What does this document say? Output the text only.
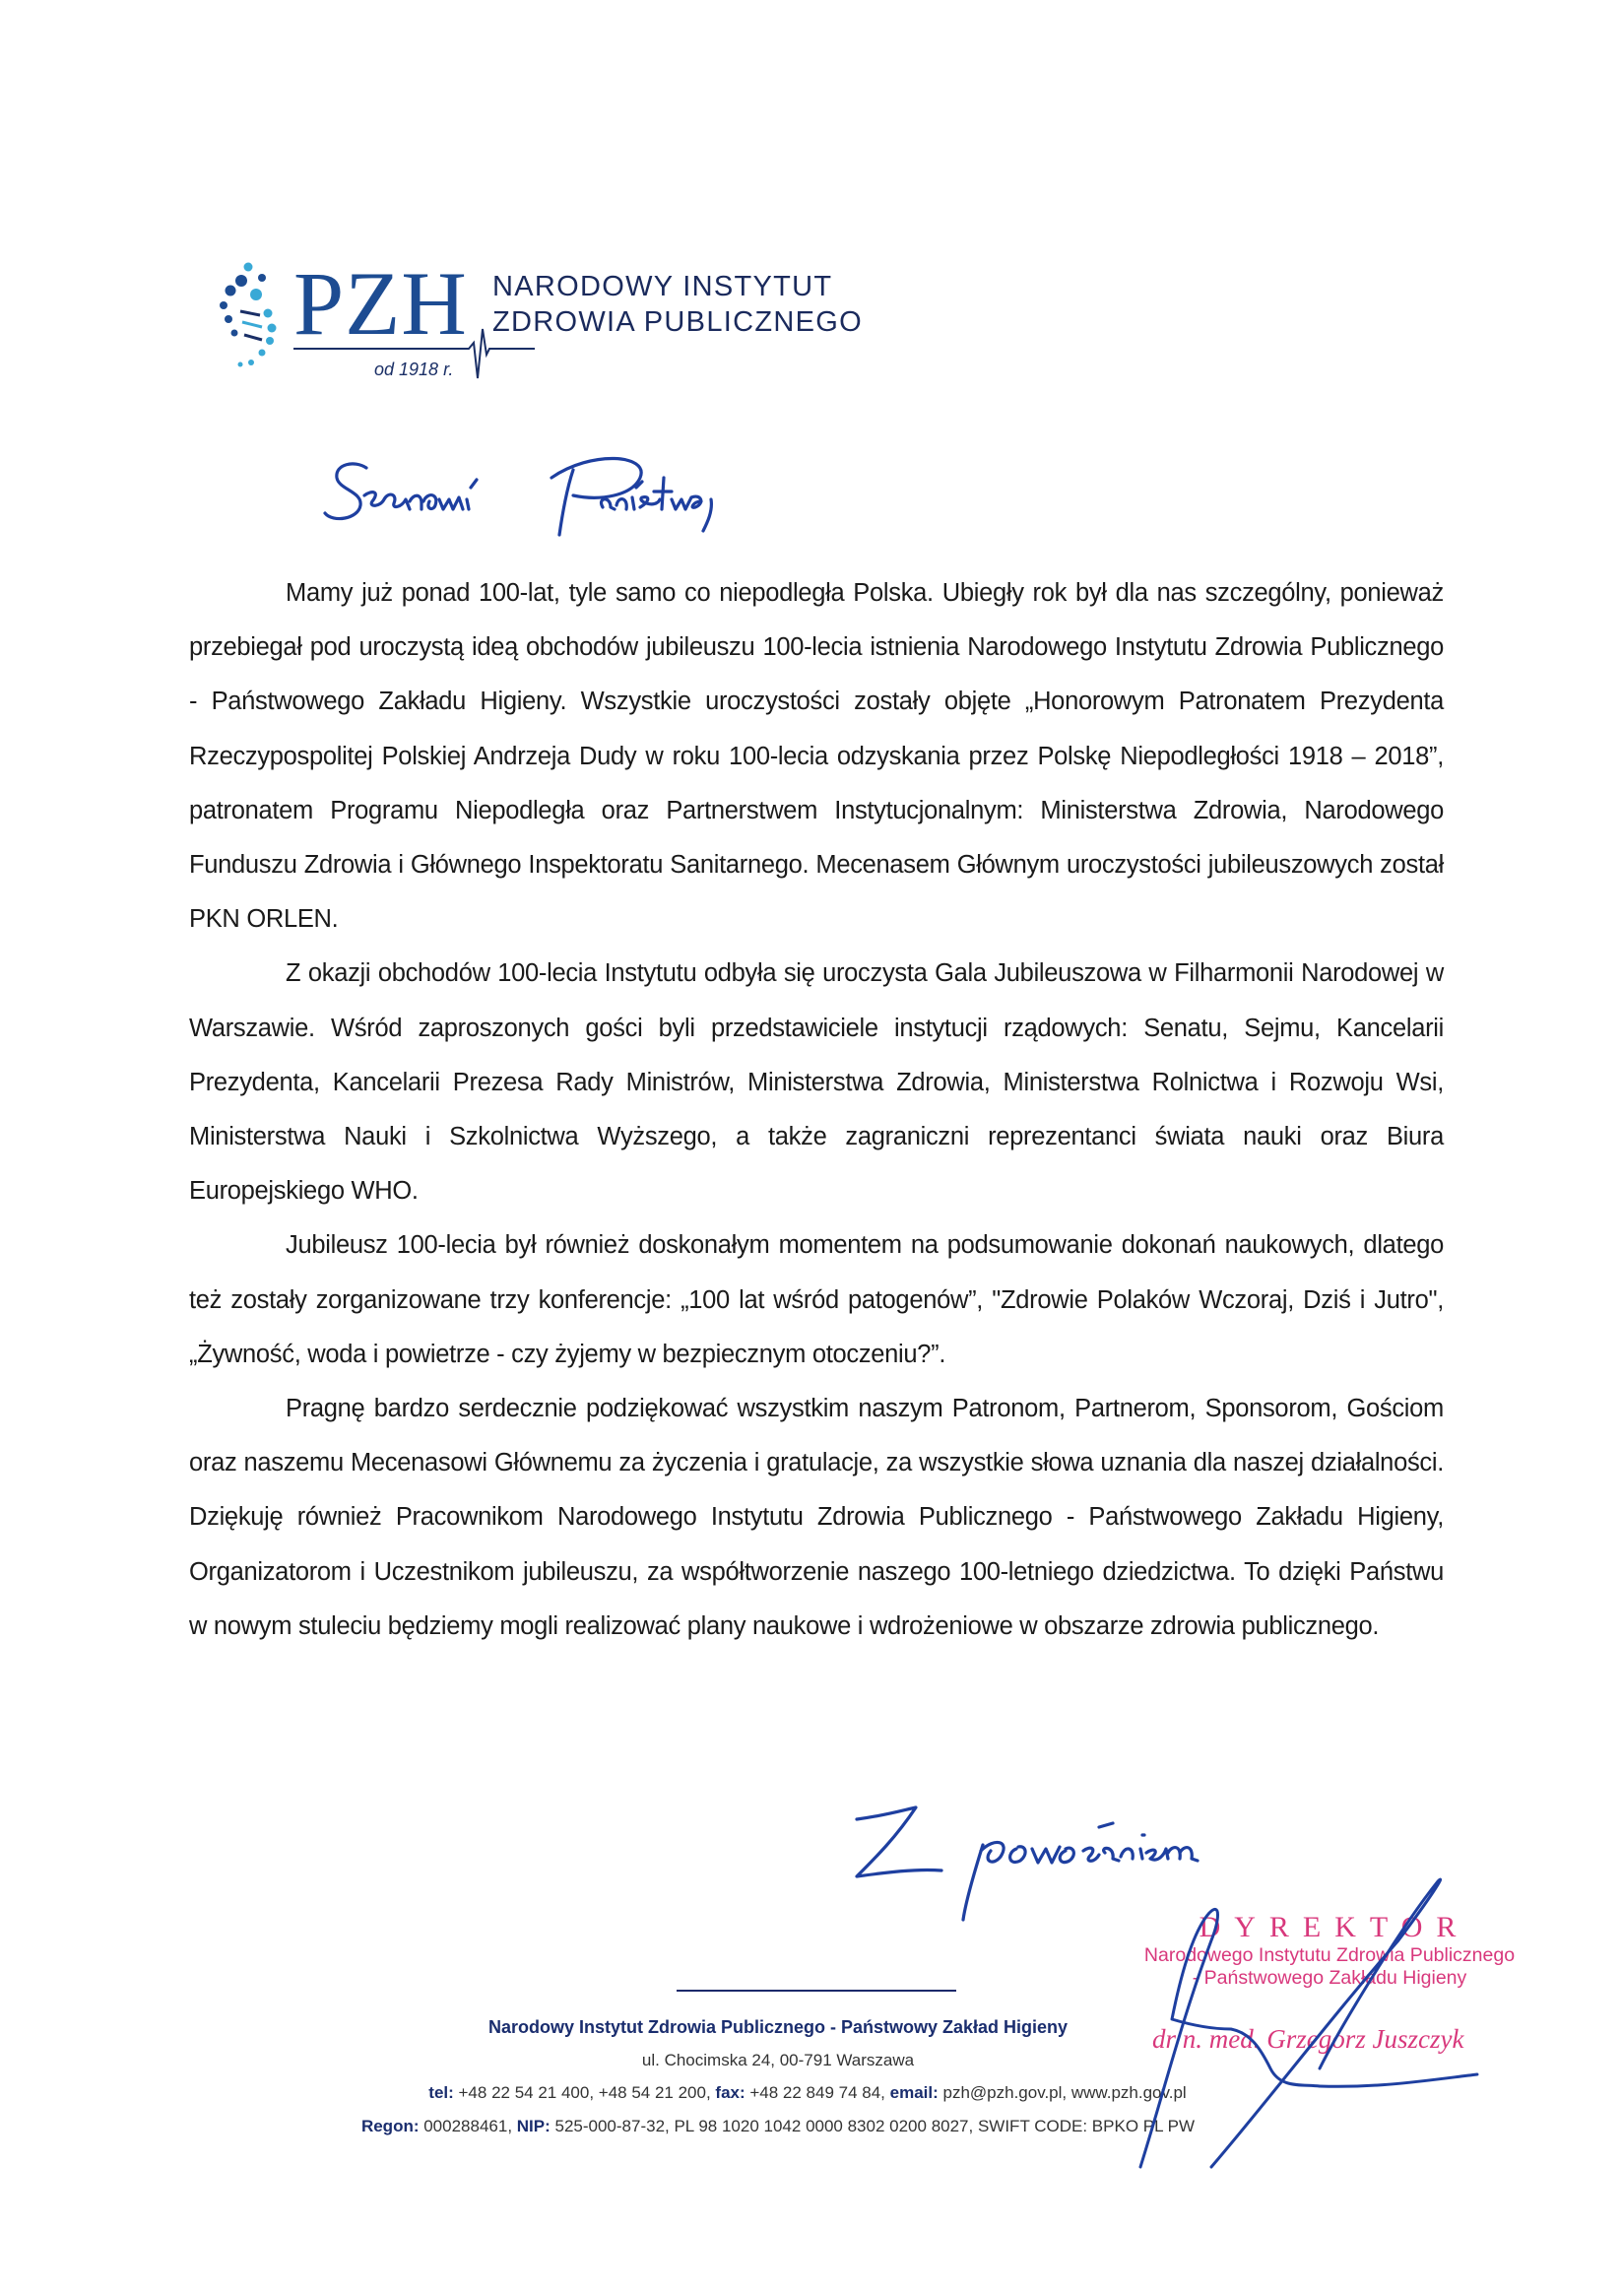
PZH
od 1918 r.
NARODOWY INSTYTUT
ZDROWIA PUBLICZNEGO

Mamy już ponad 100-lat, tyle samo co niepodległa Polska. Ubiegły rok był dla nas szczególny, ponieważ przebiegał pod uroczystą ideą obchodów jubileuszu 100-lecia istnienia Narodowego Instytutu Zdrowia Publicznego - Państwowego Zakładu Higieny. Wszystkie uroczystości zostały objęte „Honorowym Patronatem Prezydenta Rzeczypospolitej Polskiej Andrzeja Dudy w roku 100-lecia odzyskania przez Polskę Niepodległości 1918 – 2018”, patronatem Programu Niepodległa oraz Partnerstwem Instytucjonalnym: Ministerstwa Zdrowia, Narodowego Funduszu Zdrowia i Głównego Inspektoratu Sanitarnego. Mecenasem Głównym uroczystości jubileuszowych został PKN ORLEN.

Z okazji obchodów 100-lecia Instytutu odbyła się uroczysta Gala Jubileuszowa w Filharmonii Narodowej w Warszawie. Wśród zaproszonych gości byli przedstawiciele instytucji rządowych: Senatu, Sejmu, Kancelarii Prezydenta, Kancelarii Prezesa Rady Ministrów, Ministerstwa Zdrowia, Ministerstwa Rolnictwa i Rozwoju Wsi, Ministerstwa Nauki i Szkolnictwa Wyższego, a także zagraniczni reprezentanci świata nauki oraz Biura Europejskiego WHO.

Jubileusz 100-lecia był również doskonałym momentem na podsumowanie dokonań naukowych, dlatego też zostały zorganizowane trzy konferencje: „100 lat wśród patogenów”, "Zdrowie Polaków Wczoraj, Dziś i Jutro", „Żywność, woda i powietrze - czy żyjemy w bezpiecznym otoczeniu?”.

Pragnę bardzo serdecznie podziękować wszystkim naszym Patronom, Partnerom, Sponsorom, Gościom oraz naszemu Mecenasowi Głównemu za życzenia i gratulacje, za wszystkie słowa uznania dla naszej działalności. Dziękuję również Pracownikom Narodowego Instytutu Zdrowia Publicznego - Państwowego Zakładu Higieny, Organizatorom i Uczestnikom jubileuszu, za współtworzenie naszego 100-letniego dziedzictwa. To dzięki Państwu w nowym stuleciu będziemy mogli realizować plany naukowe i wdrożeniowe w obszarze zdrowia publicznego.

DYREKTOR
Narodowego Instytutu Zdrowia Publicznego
- Państwowego Zakładu Higieny
dr n. med. Grzegorz Juszczyk
Narodowy Instytut Zdrowia Publicznego - Państwowy Zakład Higieny
ul. Chocimska 24, 00-791 Warszawa
tel: +48 22 54 21 400, +48 54 21 200, fax: +48 22 849 74 84, email: pzh@pzh.gov.pl, www.pzh.gov.pl
Regon: 000288461, NIP: 525-000-87-32, PL 98 1020 1042 0000 8302 0200 8027, SWIFT CODE: BPKO PL PW
